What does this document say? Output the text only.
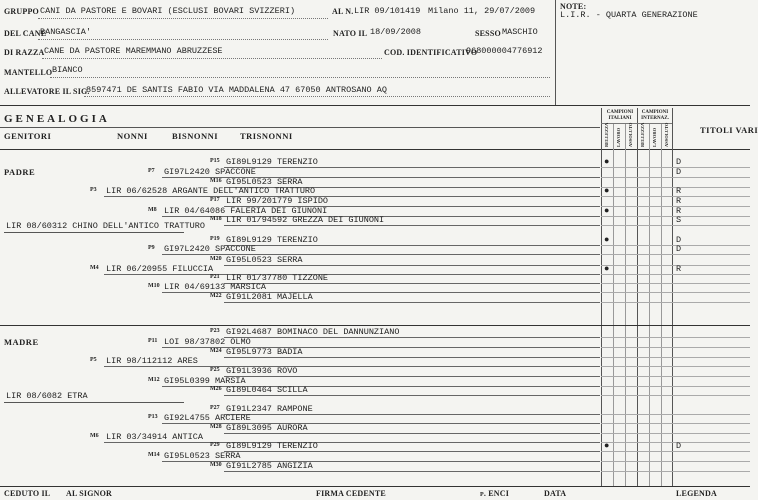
GRUPPO CANI DA PASTORE E BOVARI (ESCLUSI BOVARI SVIZZERI)	AL N. LIR 09/101419 Milano 11, 29/07/2009
DEL CANE
BANGASCIA'	NATO IL 18/09/2008	SESSO MASCHIO
DI RAZZA CANE DA PASTORE MAREMMANO ABRUZZESE	COD. IDENTIFICATIVO
968000004776912
MANTELLO BIANCO
ALLEVATORE IL SIG.
8597471 DE SANTIS FABIO VIA MADDALENA 47 67050 ANTROSANO AQ
NOTE:
L.I.R. - QUARTA GENERAZIONE
GENEALOGIA
GENITORI	NONNI	BISNONNI	TRISNONNI
CAMPIONI ITALIANI
CAMPIONI INTERNAZ.
BELLEZZA LAVORO ASSOLUTO BELLEZZA LAVORO ASSOLUTO	TITOLI VARI
PADRE
LIR 08/60312 CHINO DELL'ANTICO TRATTURO
MADRE
LIR 08/6082 ETRA
P15 GI89L9129 TERENZIO	●	D
P7 GI97L2420 SPACCONE	D
M16 GI95L0523 SERRA
P3 LIR 06/62528 ARGANTE DELL'ANTICO TRATTURO	●	R
P17 LIR 99/201779 ISPIDO	R
M8 LIR 04/64086 FALERIA DEI GIUNONI	●	R
M18 LIR 01/94592 GREZZA DEI GIUNONI	S
P19 GI89L9129 TERENZIO	●	D
P9 GI97L2420 SPACCONE	D
M20 GI95L0523 SERRA
M4 LIR 06/20955 FILUCCIA	●	R
P21 LIR 01/37780 TIZZONE
M10 LIR 04/69133 MARSICA
M22 GI91L2081 MAJELLA
P23 GI92L4687 BOMINACO DEL DANNUNZIANO
P11 LOI 98/37802 OLMO
M24 GI95L9773 BADIA
P5 LIR 98/112112 ARES
P25 GI91L3936 ROVO
M12 GI95L0399 MARSIA
M26 GI89L0464 SCILLA
P27 GI91L2347 RAMPONE
P13 GI92L4755 ARCIERE
M28 GI89L3095 AURORA
M6 LIR 03/34914 ANTICA
P29 GI89L9129 TERENZIO	●	D
M14 GI95L0523 SERRA
M30 GI91L2785 ANGIZIA
CEDUTO IL AL SIGNOR	FIRMA CEDENTE	p. ENCI	DATA	LEGENDA
